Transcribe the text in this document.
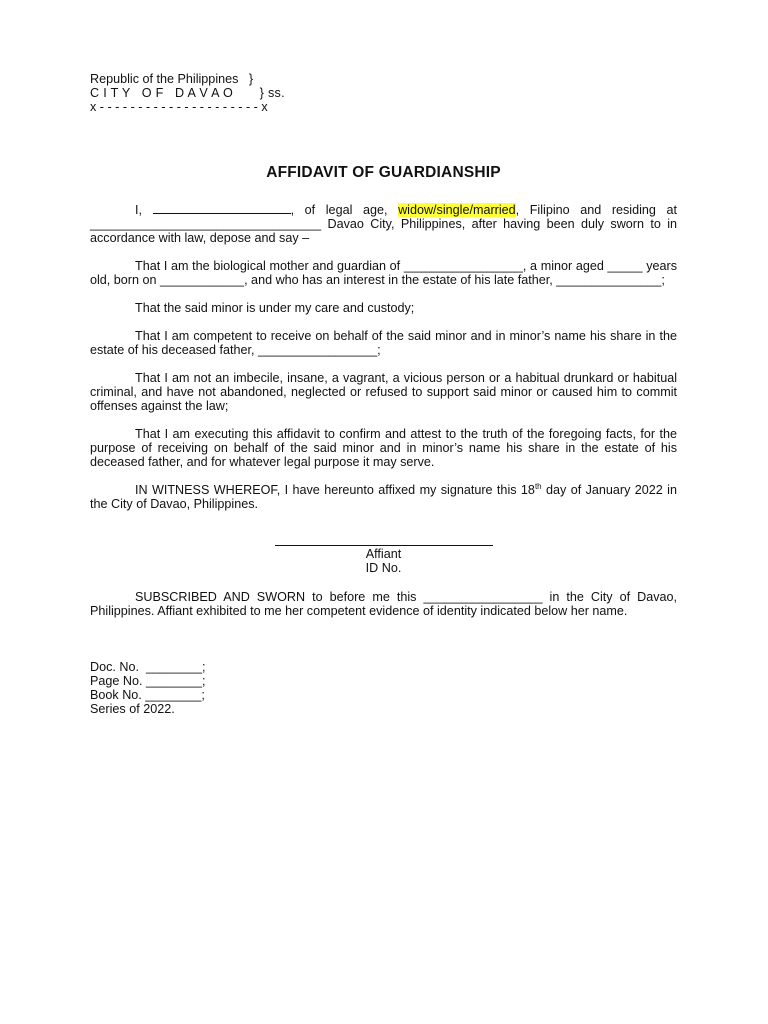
Republic of the Philippines   }
C I T Y   O F   D A V A O       } ss.
x - - - - - - - - - - - - - - - - - - - - - x
AFFIDAVIT OF GUARDIANSHIP

I,	, of legal age, widow/single/married, Filipino and residing at _________________________________ Davao City, Philippines, after having been duly sworn to in accordance with law, depose and say –

That I am the biological mother and guardian of _________________, a minor aged _____ years old, born on ____________, and who has an interest in the estate of his late father, _______________;

That the said minor is under my care and custody;

That I am competent to receive on behalf of the said minor and in minor’s name his share in the estate of his deceased father, _________________;

That I am not an imbecile, insane, a vagrant, a vicious person or a habitual drunkard or habitual criminal, and have not abandoned, neglected or refused to support said minor or caused him to commit offenses against the law;

That I am executing this affidavit to confirm and attest to the truth of the foregoing facts, for the purpose of receiving on behalf of the said minor and in minor’s name his share in the estate of his deceased father, and for whatever legal purpose it may serve.

IN WITNESS WHEREOF, I have hereunto affixed my signature this 18th day of January 2022 in the City of Davao, Philippines.

Affiant
ID No.

SUBSCRIBED AND SWORN to before me this _________________ in the City of Davao, Philippines. Affiant exhibited to me her competent evidence of identity indicated below her name.

Doc. No.  ________;
Page No. ________;
Book No. ________;
Series of 2022.
